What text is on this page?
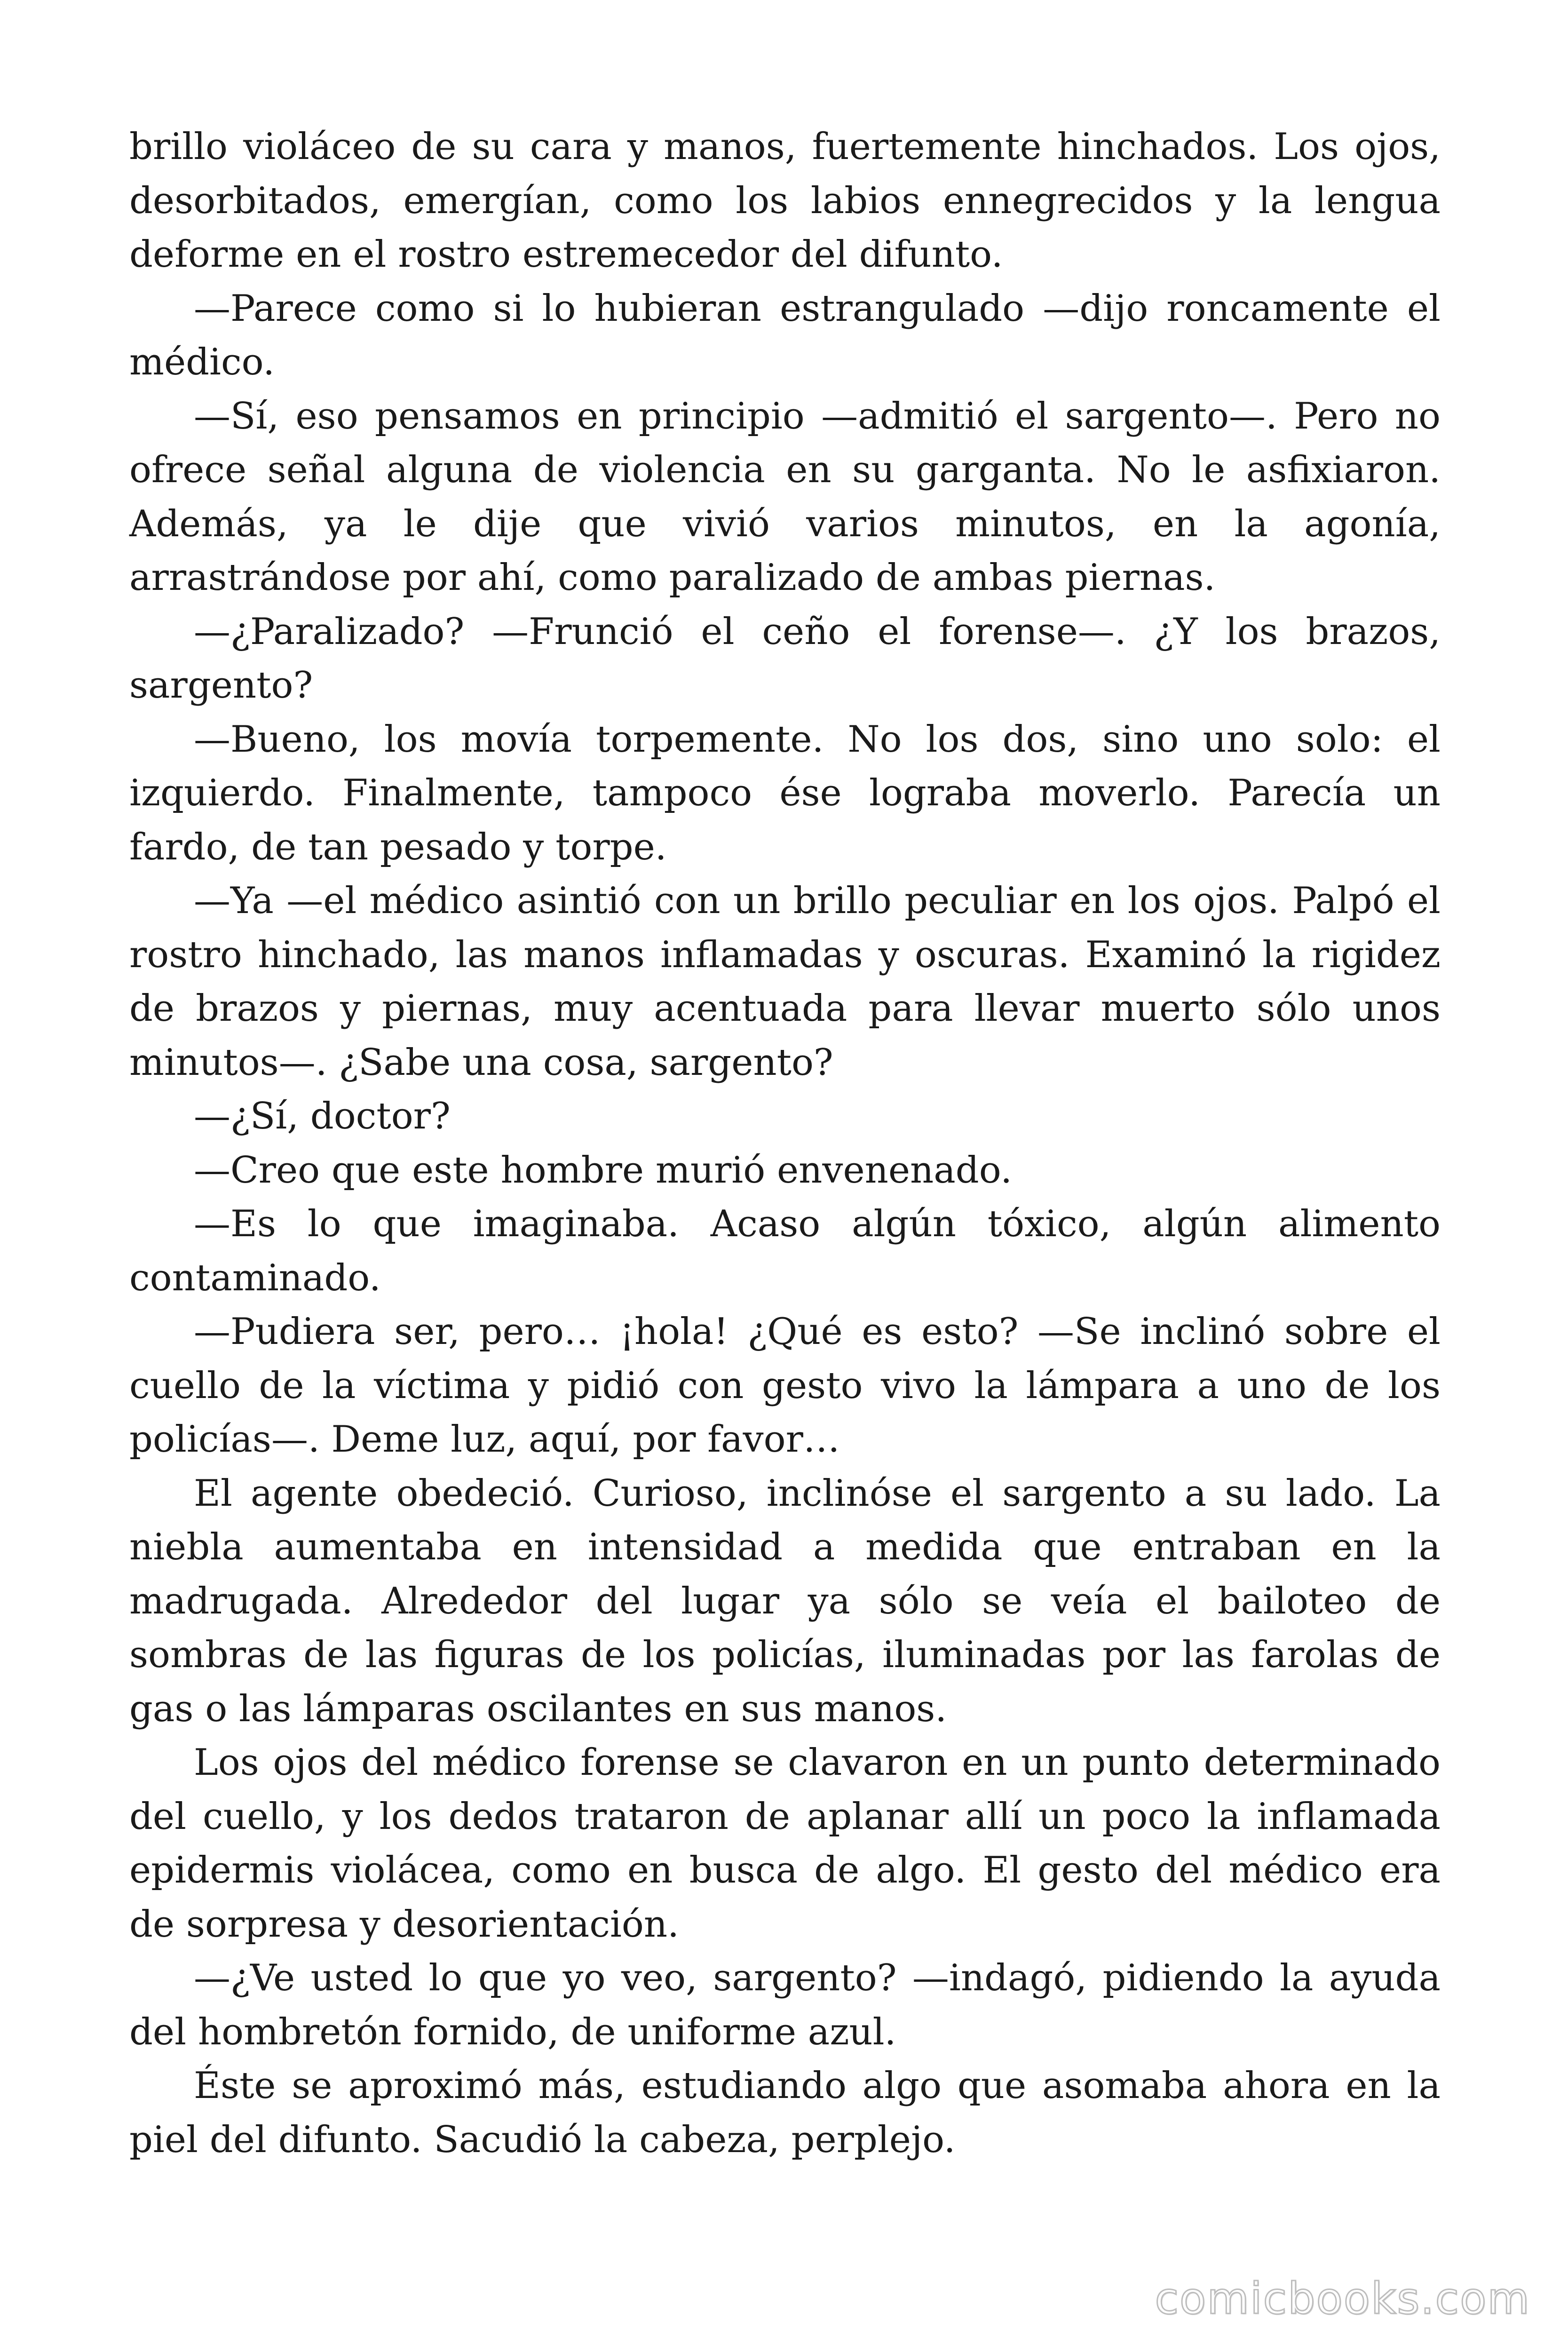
brillo violáceo de su cara y manos, fuertemente hinchados. Los ojos, desorbitados, emergían, como los labios ennegrecidos y la lengua deforme en el rostro estremecedor del difunto.

—Parece como si lo hubieran estrangulado —dijo roncamente el médico.

—Sí, eso pensamos en principio —admitió el sargento—. Pero no ofrece señal alguna de violencia en su garganta. No le asfixiaron. Además, ya le dije que vivió varios minutos, en la agonía, arrastrándose por ahí, como paralizado de ambas piernas.

—¿Paralizado? —Frunció el ceño el forense—. ¿Y los brazos, sargento?

—Bueno, los movía torpemente. No los dos, sino uno solo: el izquierdo. Finalmente, tampoco ése lograba moverlo. Parecía un fardo, de tan pesado y torpe.

—Ya —el médico asintió con un brillo peculiar en los ojos. Palpó el rostro hinchado, las manos inflamadas y oscuras. Examinó la rigidez de brazos y piernas, muy acentuada para llevar muerto sólo unos minutos—. ¿Sabe una cosa, sargento?

—¿Sí, doctor?

—Creo que este hombre murió envenenado.

—Es lo que imaginaba. Acaso algún tóxico, algún alimento contaminado.

—Pudiera ser, pero… ¡hola! ¿Qué es esto? —Se inclinó sobre el cuello de la víctima y pidió con gesto vivo la lámpara a uno de los policías—. Deme luz, aquí, por favor…

El agente obedeció. Curioso, inclinóse el sargento a su lado. La niebla aumentaba en intensidad a medida que entraban en la madrugada. Alrededor del lugar ya sólo se veía el bailoteo de sombras de las figuras de los policías, iluminadas por las farolas de gas o las lámparas oscilantes en sus manos.

Los ojos del médico forense se clavaron en un punto determinado del cuello, y los dedos trataron de aplanar allí un poco la inflamada epidermis violácea, como en busca de algo. El gesto del médico era de sorpresa y desorientación.

—¿Ve usted lo que yo veo, sargento? —indagó, pidiendo la ayuda del hombretón fornido, de uniforme azul.

Éste se aproximó más, estudiando algo que asomaba ahora en la piel del difunto. Sacudió la cabeza, perplejo.

comicbooks.com
